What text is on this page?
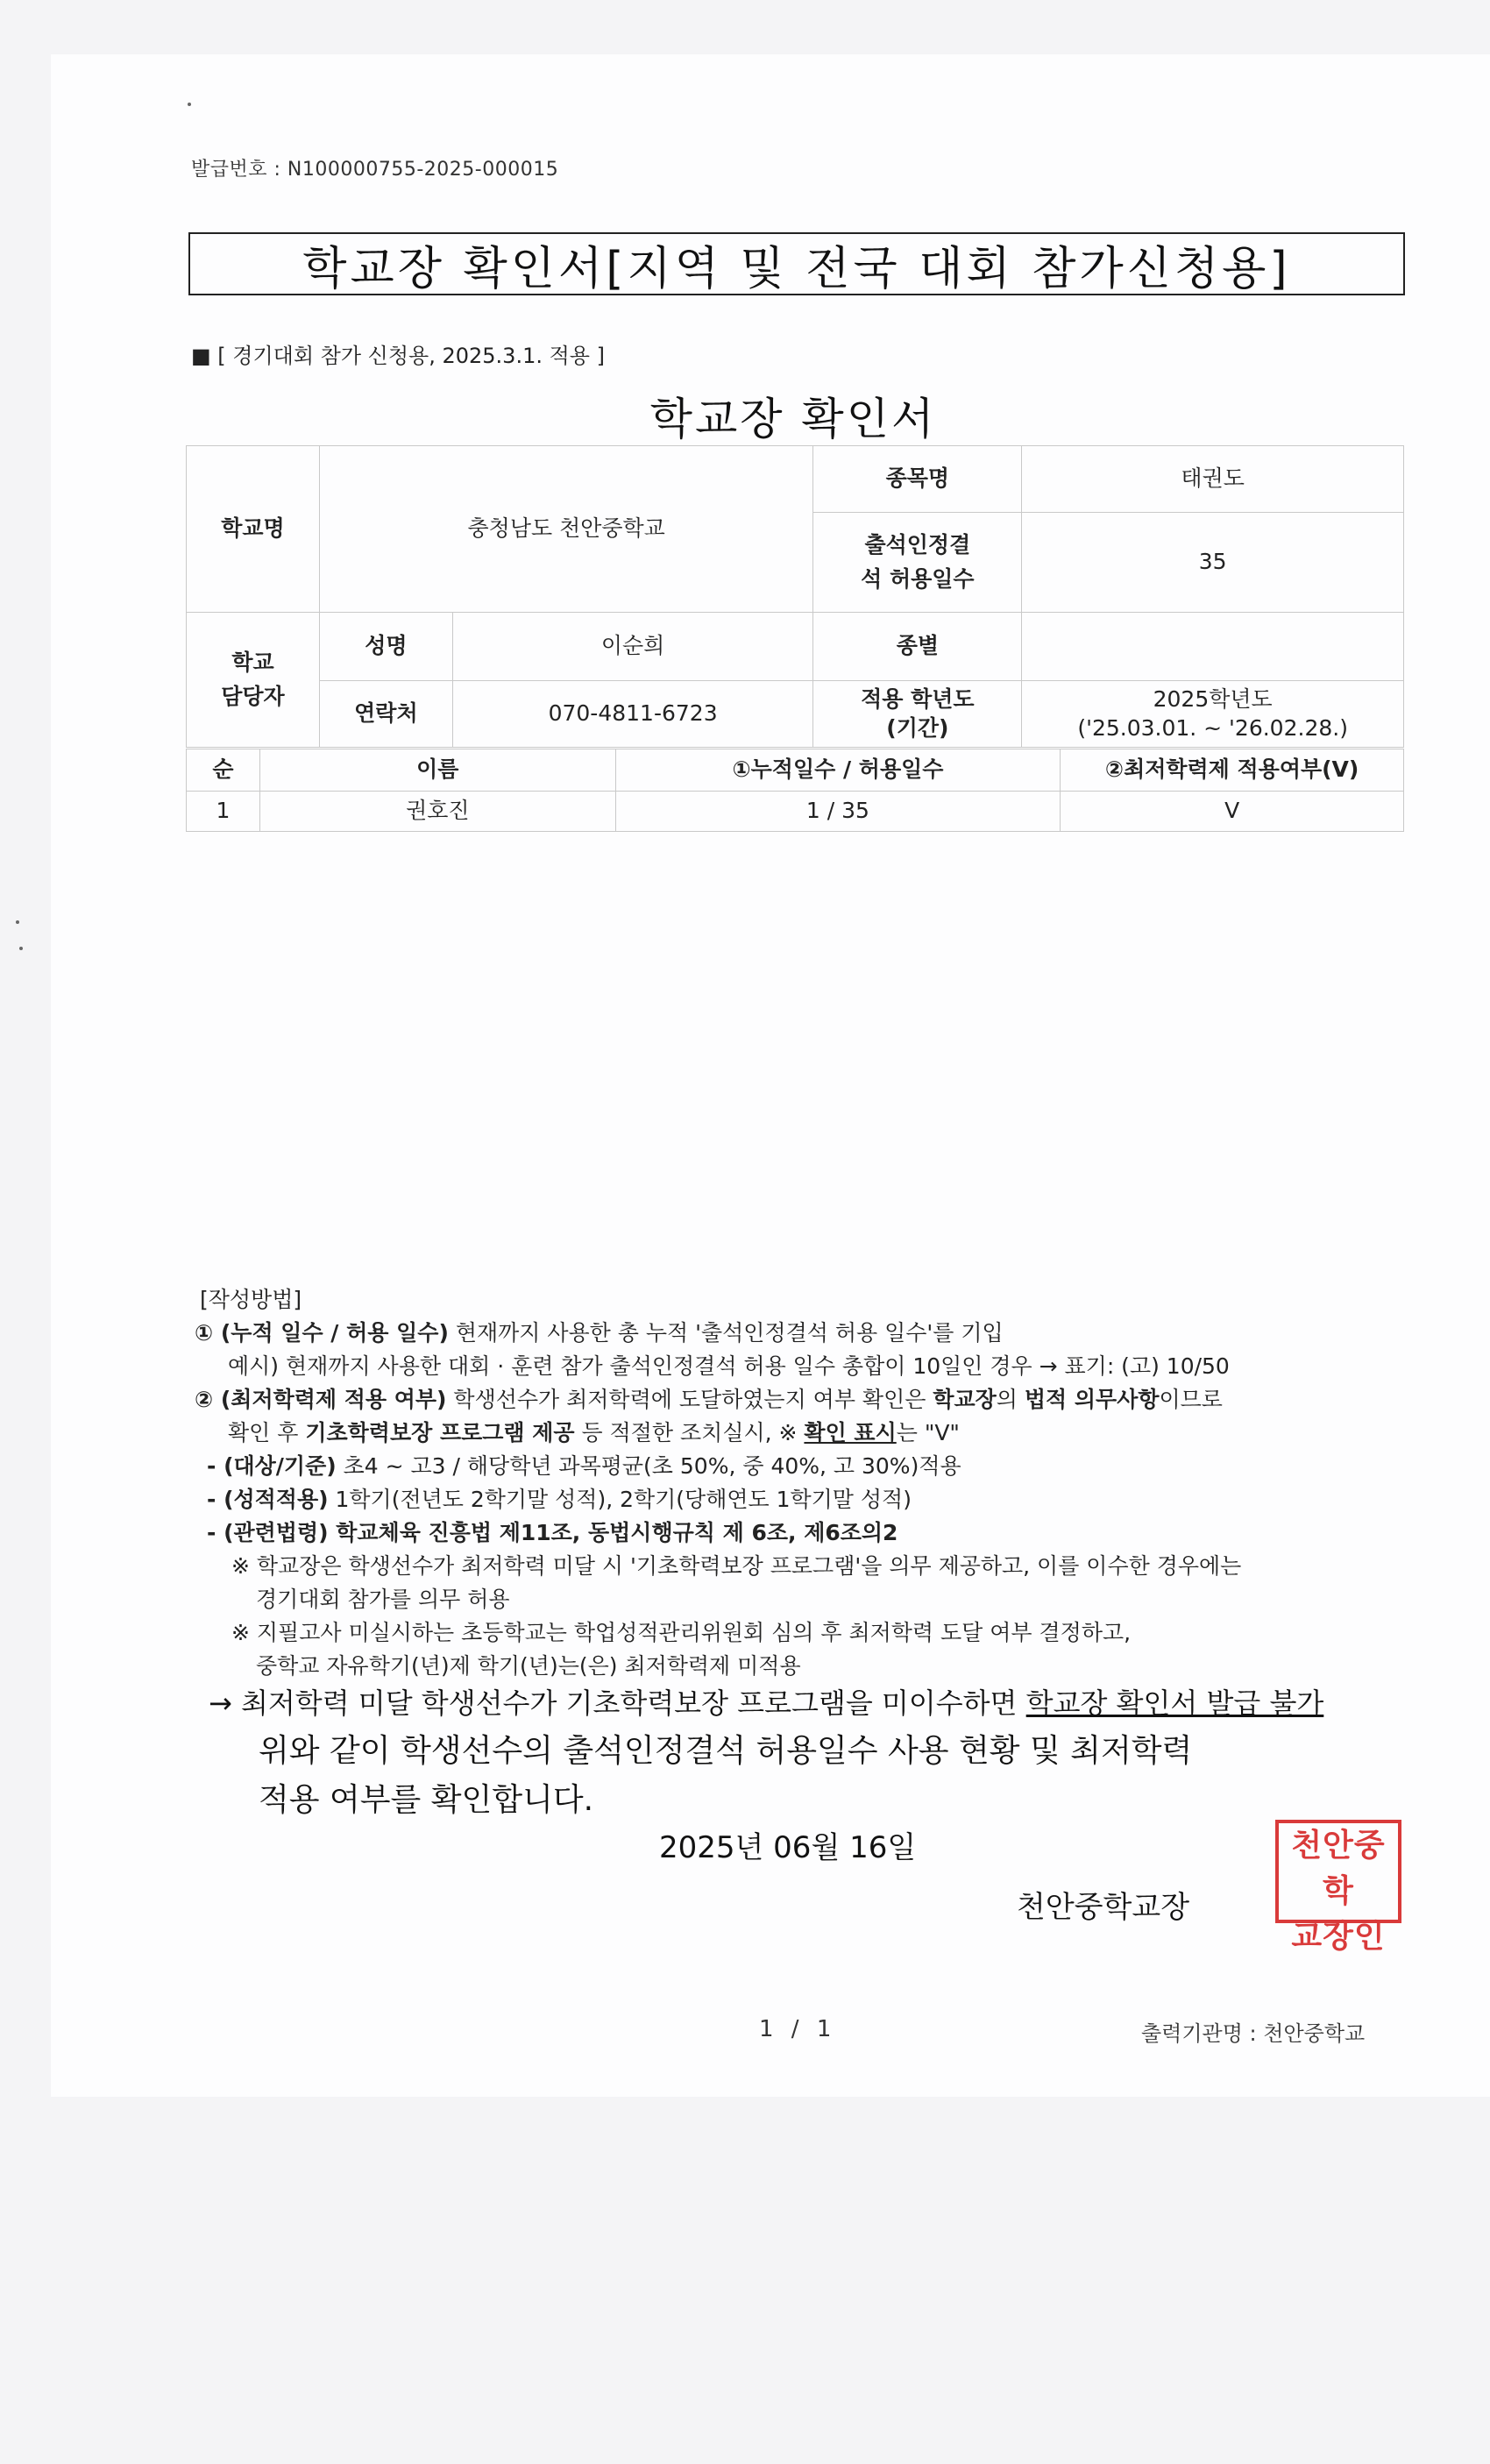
발급번호 : N100000755-2025-000015
학교장 확인서[지역 및 전국 대회 참가신청용]
■ [ 경기대회 참가 신청용, 2025.3.1. 적용 ]
학교장 확인서
학교명	충청남도 천안중학교		종목명	태권도
			출석인정결석 허용일수	35
학교 담당자	성명	이순희	종별	
	연락처	070-4811-6723	적용 학년도 (기간)	2025학년도
('25.03.01. ~ '26.02.28.)
순	이름	①누적일수 / 허용일수	②최저학력제 적용여부(V)
1	권호진	1 / 35	V
[작성방법]
① (누적 일수 / 허용 일수) 현재까지 사용한 총 누적 '출석인정결석 허용 일수'를 기입
예시) 현재까지 사용한 대회 · 훈련 참가 출석인정결석 허용 일수 총합이 10일인 경우 → 표기: (고) 10/50
② (최저학력제 적용 여부) 학생선수가 최저학력에 도달하였는지 여부 확인은 학교장의 법적 의무사항이므로
확인 후 기초학력보장 프로그램 제공 등 적절한 조치실시, ※ 확인 표시는 "V"
- (대상/기준) 초4 ~ 고3 / 해당학년 과목평균(초 50%, 중 40%, 고 30%)적용
- (성적적용) 1학기(전년도 2학기말 성적), 2학기(당해연도 1학기말 성적)
- (관련법령) 학교체육 진흥법 제11조, 동법시행규칙 제 6조, 제6조의2
※ 학교장은 학생선수가 최저학력 미달 시 '기초학력보장 프로그램'을 의무 제공하고, 이를 이수한 경우에는
경기대회 참가를 의무 허용
※ 지필고사 미실시하는 초등학교는 학업성적관리위원회 심의 후 최저학력 도달 여부 결정하고,
중학교 자유학기(년)제 학기(년)는(은) 최저학력제 미적용
→ 최저학력 미달 학생선수가 기초학력보장 프로그램을 미이수하면 학교장 확인서 발급 불가
위와 같이 학생선수의 출석인정결석 허용일수 사용 현황 및 최저학력
적용 여부를 확인합니다.
2025년 06월 16일
천안중학교장
천안중학
교장인
1 / 1	출력기관명 : 천안중학교
